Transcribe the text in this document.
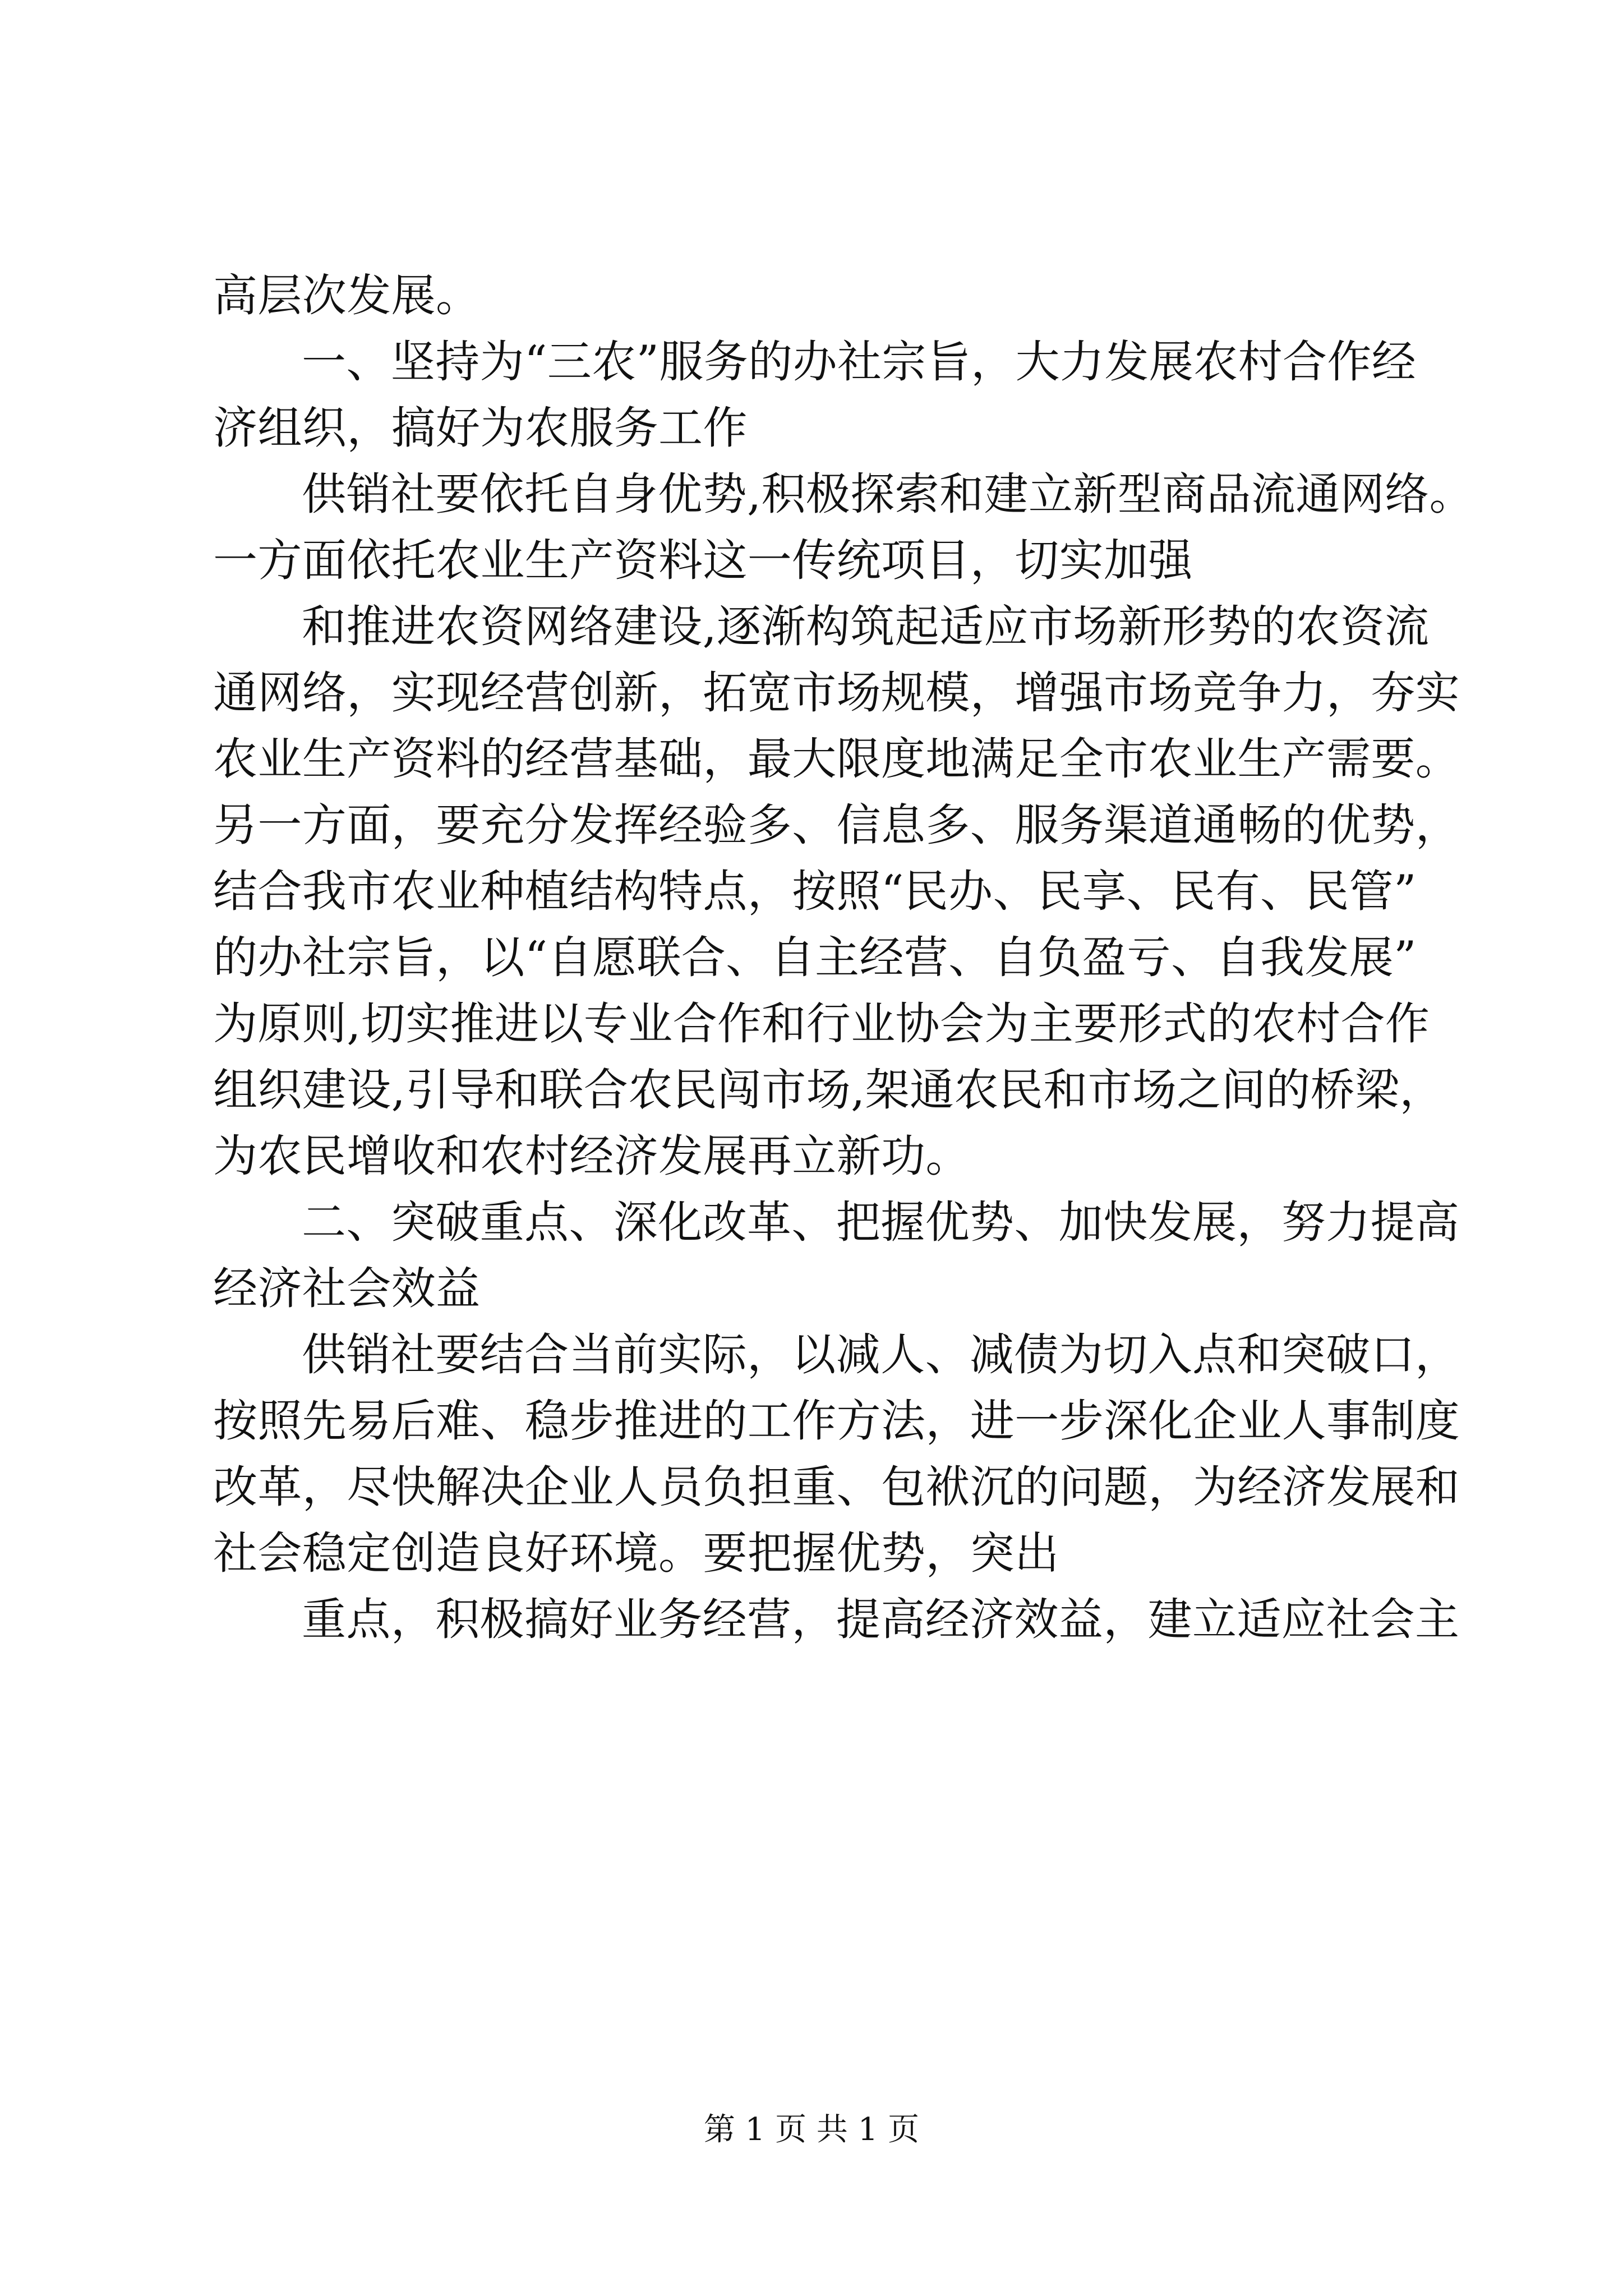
高层次发展。
一、坚持为“三农”服务的办社宗旨，大力发展农村合作经
济组织，搞好为农服务工作
供销社要依托自身优势,积极探索和建立新型商品流通网络。
一方面依托农业生产资料这一传统项目，切实加强
和推进农资网络建设,逐渐构筑起适应市场新形势的农资流
通网络，实现经营创新，拓宽市场规模，增强市场竞争力，夯实
农业生产资料的经营基础，最大限度地满足全市农业生产需要。
另一方面，要充分发挥经验多、信息多、服务渠道通畅的优势，
结合我市农业种植结构特点，按照“民办、民享、民有、民管”
的办社宗旨，以“自愿联合、自主经营、自负盈亏、自我发展”
为原则,切实推进以专业合作和行业协会为主要形式的农村合作
组织建设,引导和联合农民闯市场,架通农民和市场之间的桥梁，
为农民增收和农村经济发展再立新功。
二、突破重点、深化改革、把握优势、加快发展，努力提高
经济社会效益
供销社要结合当前实际，以减人、减债为切入点和突破口，
按照先易后难、稳步推进的工作方法，进一步深化企业人事制度
改革，尽快解决企业人员负担重、包袱沉的问题，为经济发展和
社会稳定创造良好环境。要把握优势，突出
重点，积极搞好业务经营，提高经济效益，建立适应社会主
第 1 页 共 1 页
